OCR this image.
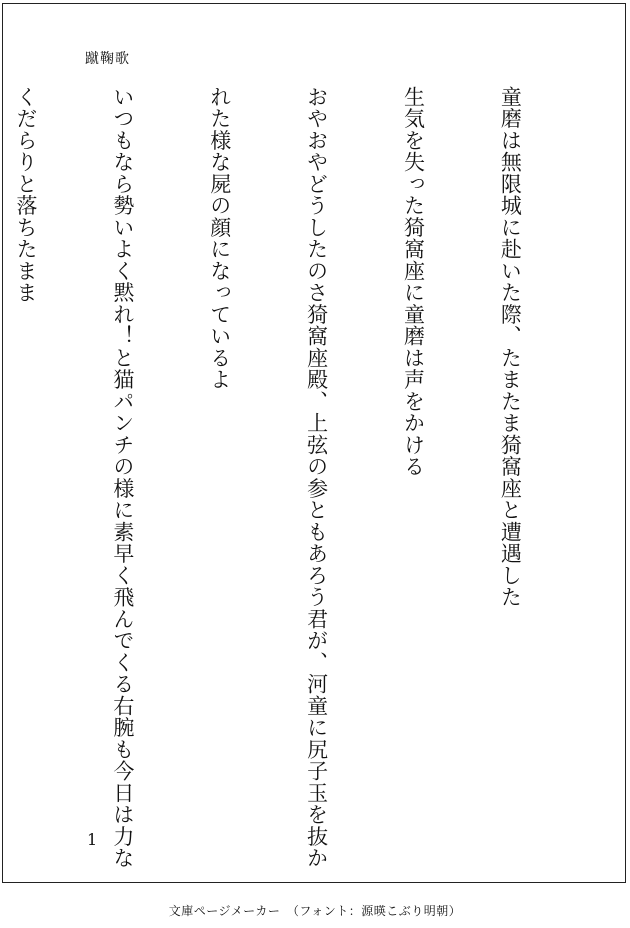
蹴鞠歌

童磨は無限城に赴いた際、たまたま猗窩座と遭遇した

生気を失った猗窩座に童磨は声をかける

おやおやどうしたのさ猗窩座殿、上弦の参ともあろう君が、河童に尻子玉を抜か

れた様な屍の顔になっているよ

いつもなら勢いよく黙れ！と猫パンチの様に素早く飛んでくる右腕も今日は力な

くだらりと落ちたまま

1
文庫ページメーカー　（フォント：源暎こぶり明朝）
